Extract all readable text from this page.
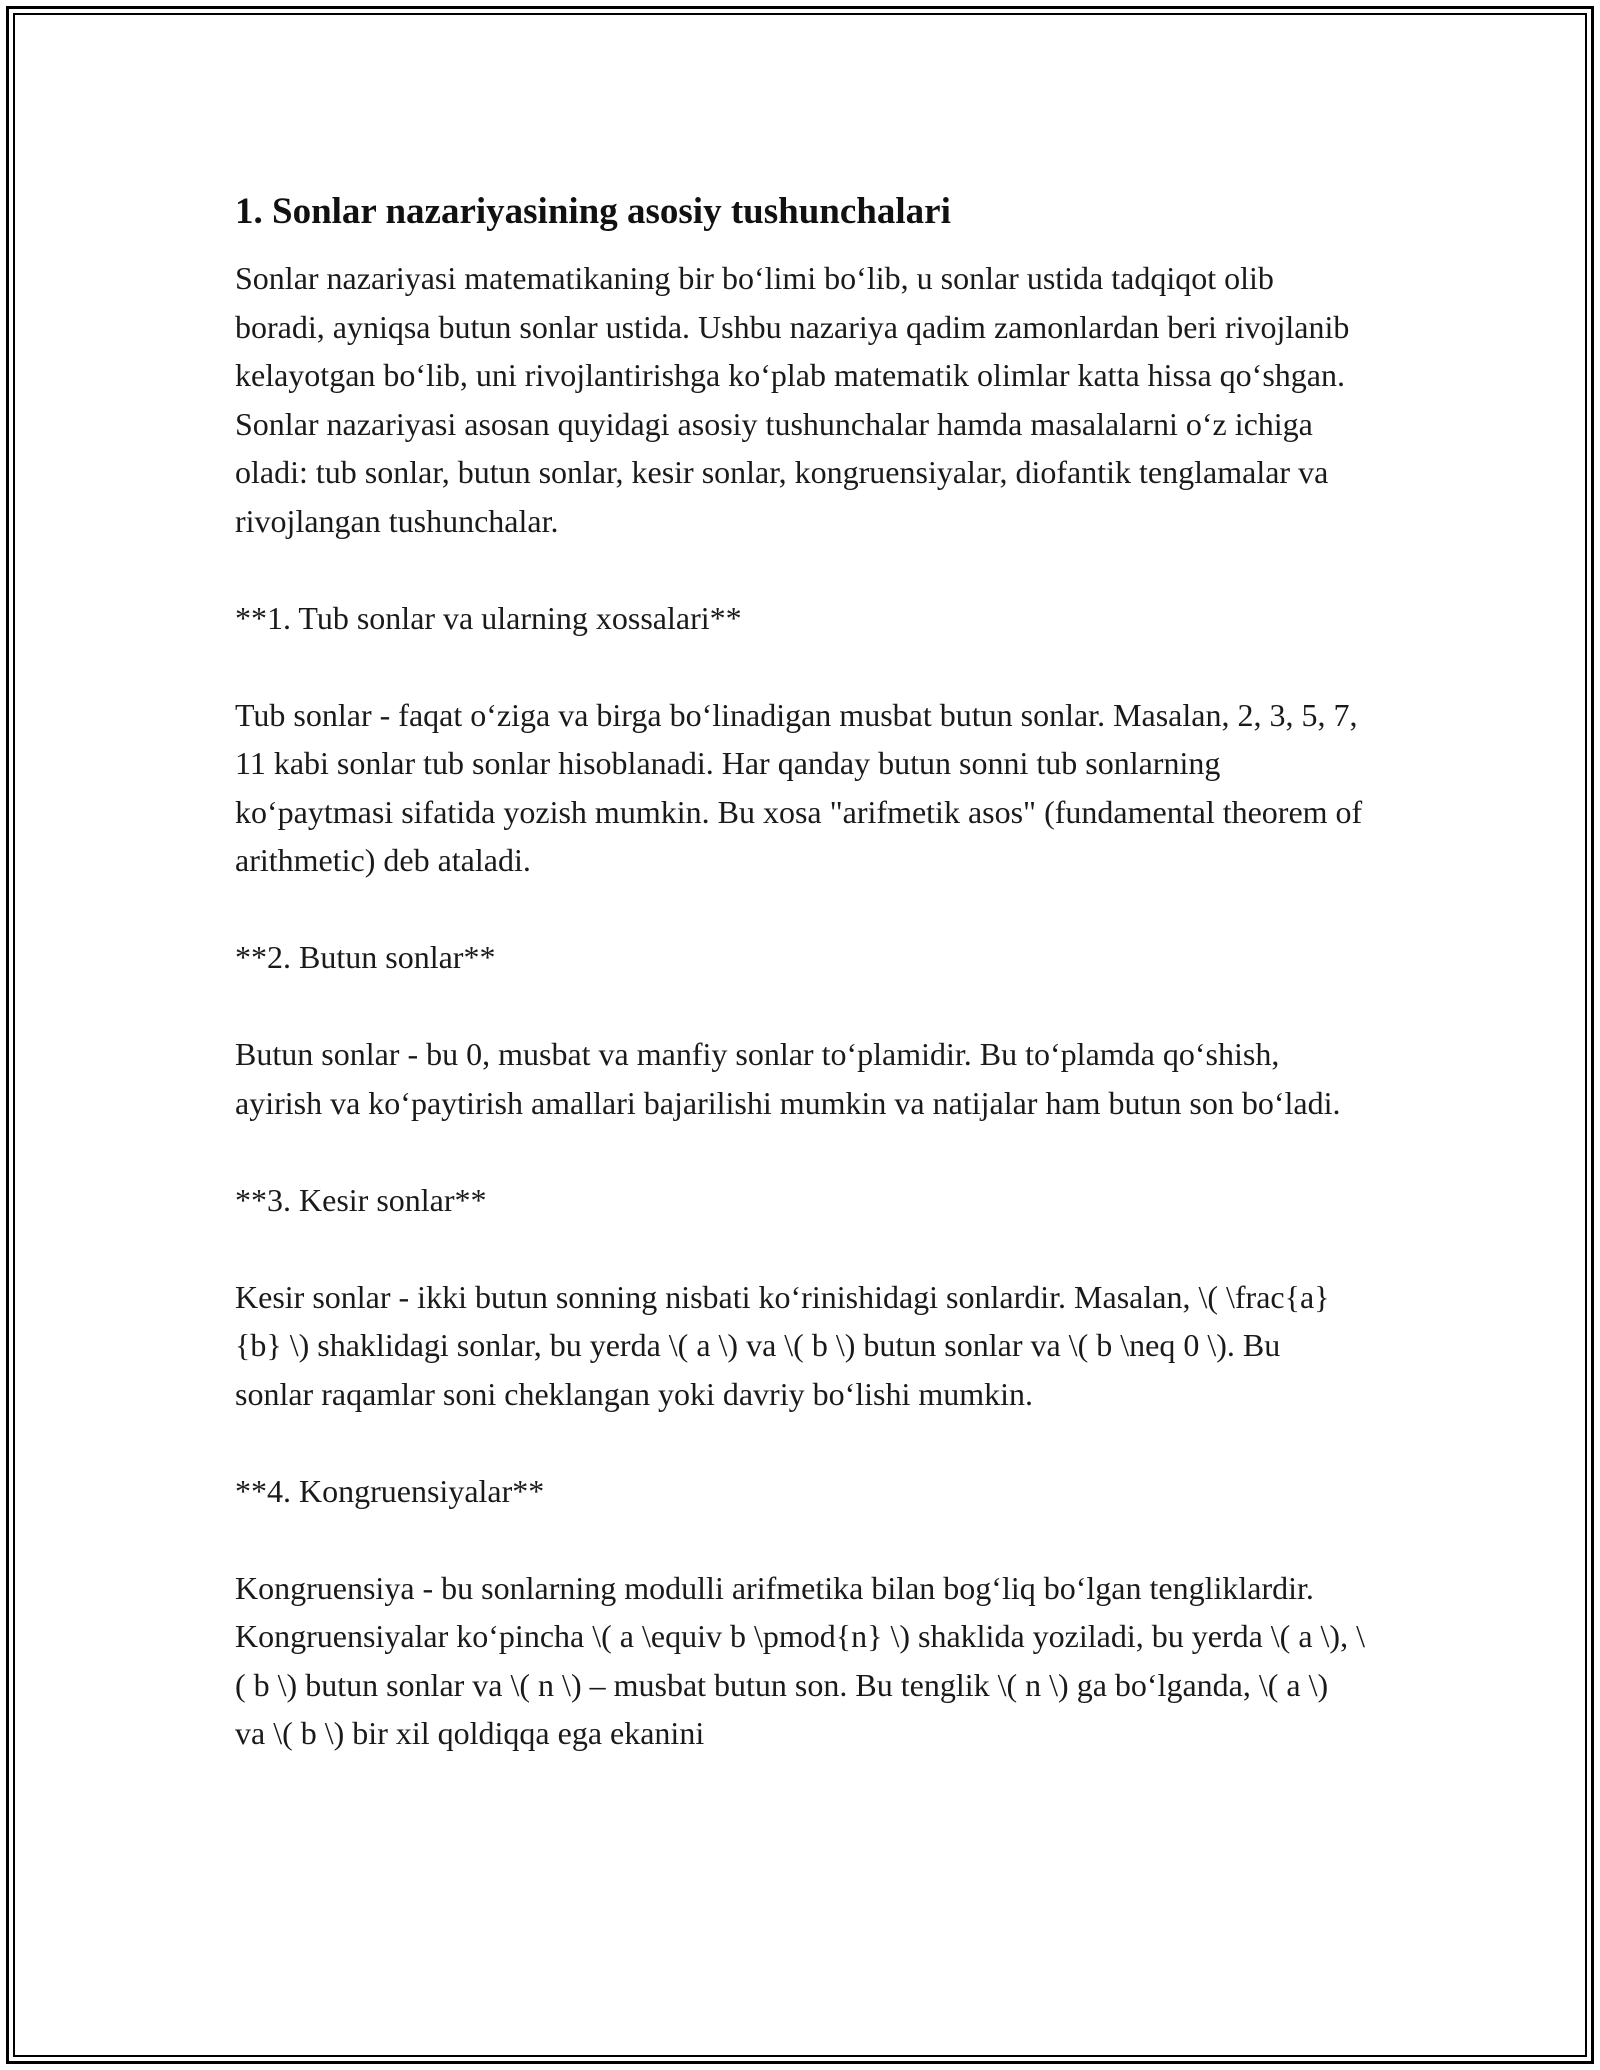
1. Sonlar nazariyasining asosiy tushunchalari

Sonlar nazariyasi matematikaning bir bo‘limi bo‘lib, u sonlar ustida tadqiqot olib boradi, ayniqsa butun sonlar ustida. Ushbu nazariya qadim zamonlardan beri rivojlanib kelayotgan bo‘lib, uni rivojlantirishga ko‘plab matematik olimlar katta hissa qo‘shgan. Sonlar nazariyasi asosan quyidagi asosiy tushunchalar hamda masalalarni o‘z ichiga oladi: tub sonlar, butun sonlar, kesir sonlar, kongruensiyalar, diofantik tenglamalar va rivojlangan tushunchalar.

**1. Tub sonlar va ularning xossalari**

Tub sonlar - faqat o‘ziga va birga bo‘linadigan musbat butun sonlar. Masalan, 2, 3, 5, 7, 11 kabi sonlar tub sonlar hisoblanadi. Har qanday butun sonni tub sonlarning ko‘paytmasi sifatida yozish mumkin. Bu xosa "arifmetik asos" (fundamental theorem of arithmetic) deb ataladi.

**2. Butun sonlar**

Butun sonlar - bu 0, musbat va manfiy sonlar to‘plamidir. Bu to‘plamda qo‘shish, ayirish va ko‘paytirish amallari bajarilishi mumkin va natijalar ham butun son bo‘ladi.

**3. Kesir sonlar**

Kesir sonlar - ikki butun sonning nisbati ko‘rinishidagi sonlardir. Masalan, \( \frac{a}{b} \) shaklidagi sonlar, bu yerda \( a \) va \( b \) butun sonlar va \( b \neq 0 \). Bu sonlar raqamlar soni cheklangan yoki davriy bo‘lishi mumkin.

**4. Kongruensiyalar**

Kongruensiya - bu sonlarning modulli arifmetika bilan bog‘liq bo‘lgan tengliklardir. Kongruensiyalar ko‘pincha \( a \equiv b \pmod{n} \) shaklida yoziladi, bu yerda \( a \), \( b \) butun sonlar va \( n \) – musbat butun son. Bu tenglik \( n \) ga bo‘lganda, \( a \) va \( b \) bir xil qoldiqqa ega ekanini
